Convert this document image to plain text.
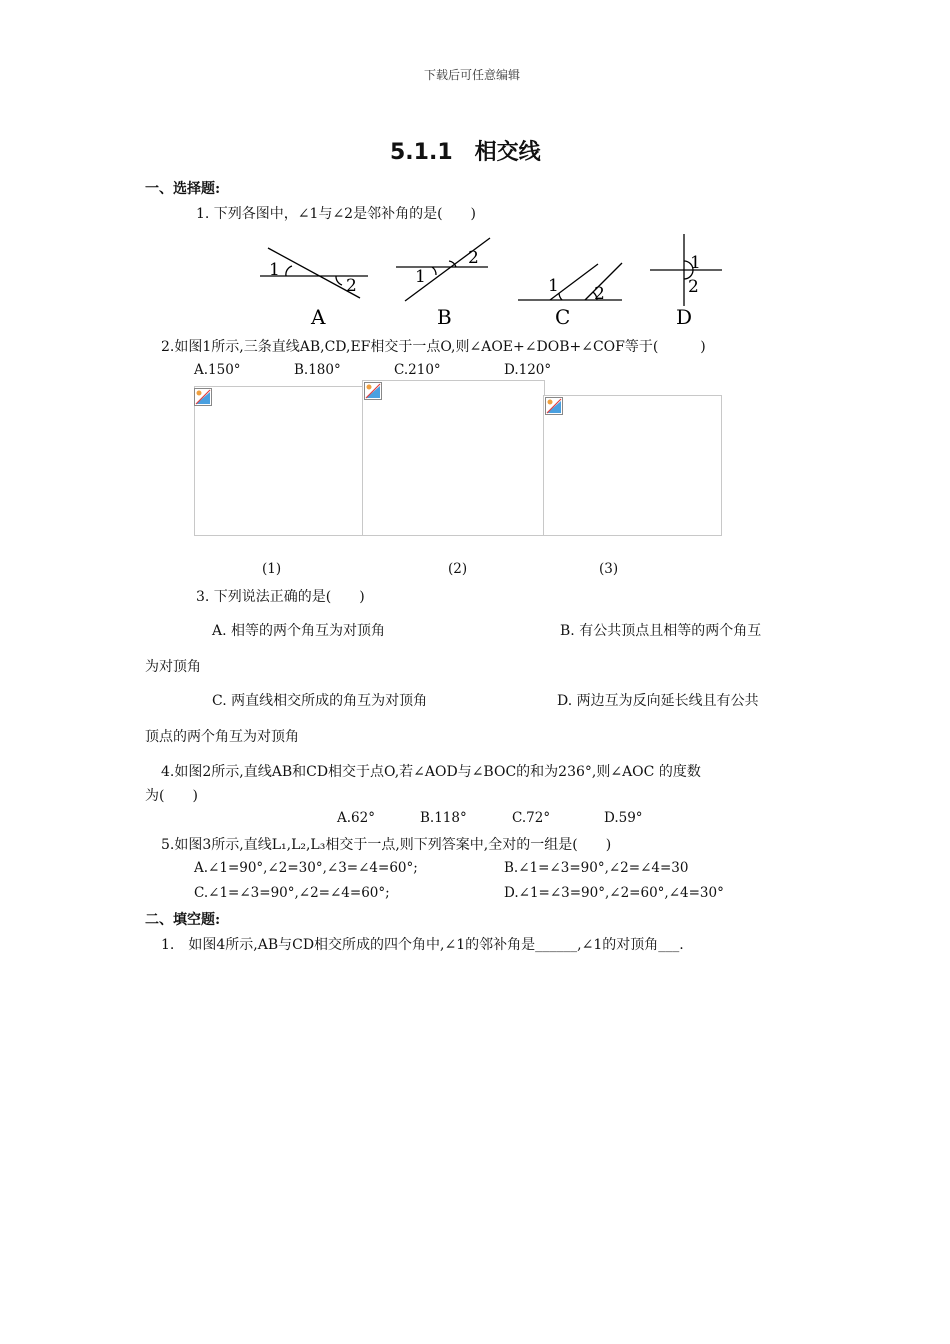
下载后可任意编辑
5.1.1　相交线
一、选择题:
1. 下列各图中，∠1与∠2是邻补角的是(　　)
1
2
A
1
2
B
1 2
C
1
2
D
2.如图1所示,三条直线AB,CD,EF相交于一点O,则∠AOE+∠DOB+∠COF等于(　　　)
A.150°	B.180°	C.210°	D.120°
(1)	(2)	(3)
3. 下列说法正确的是(　　)
A. 相等的两个角互为对顶角	B. 有公共顶点且相等的两个角互
为对顶角
C. 两直线相交所成的角互为对顶角	D. 两边互为反向延长线且有公共
顶点的两个角互为对顶角
4.如图2所示,直线AB和CD相交于点O,若∠AOD与∠BOC的和为236°,则∠AOC 的度数
为(　　)
A.62°	B.118°	C.72°	D.59°
5.如图3所示,直线L₁,L₂,L₃相交于一点,则下列答案中,全对的一组是(　　)
A.∠1=90°,∠2=30°,∠3=∠4=60°;	B.∠1=∠3=90°,∠2=∠4=30
C.∠1=∠3=90°,∠2=∠4=60°;	D.∠1=∠3=90°,∠2=60°,∠4=30°
二、填空题:
1.　如图4所示,AB与CD相交所成的四个角中,∠1的邻补角是______,∠1的对顶角___.
